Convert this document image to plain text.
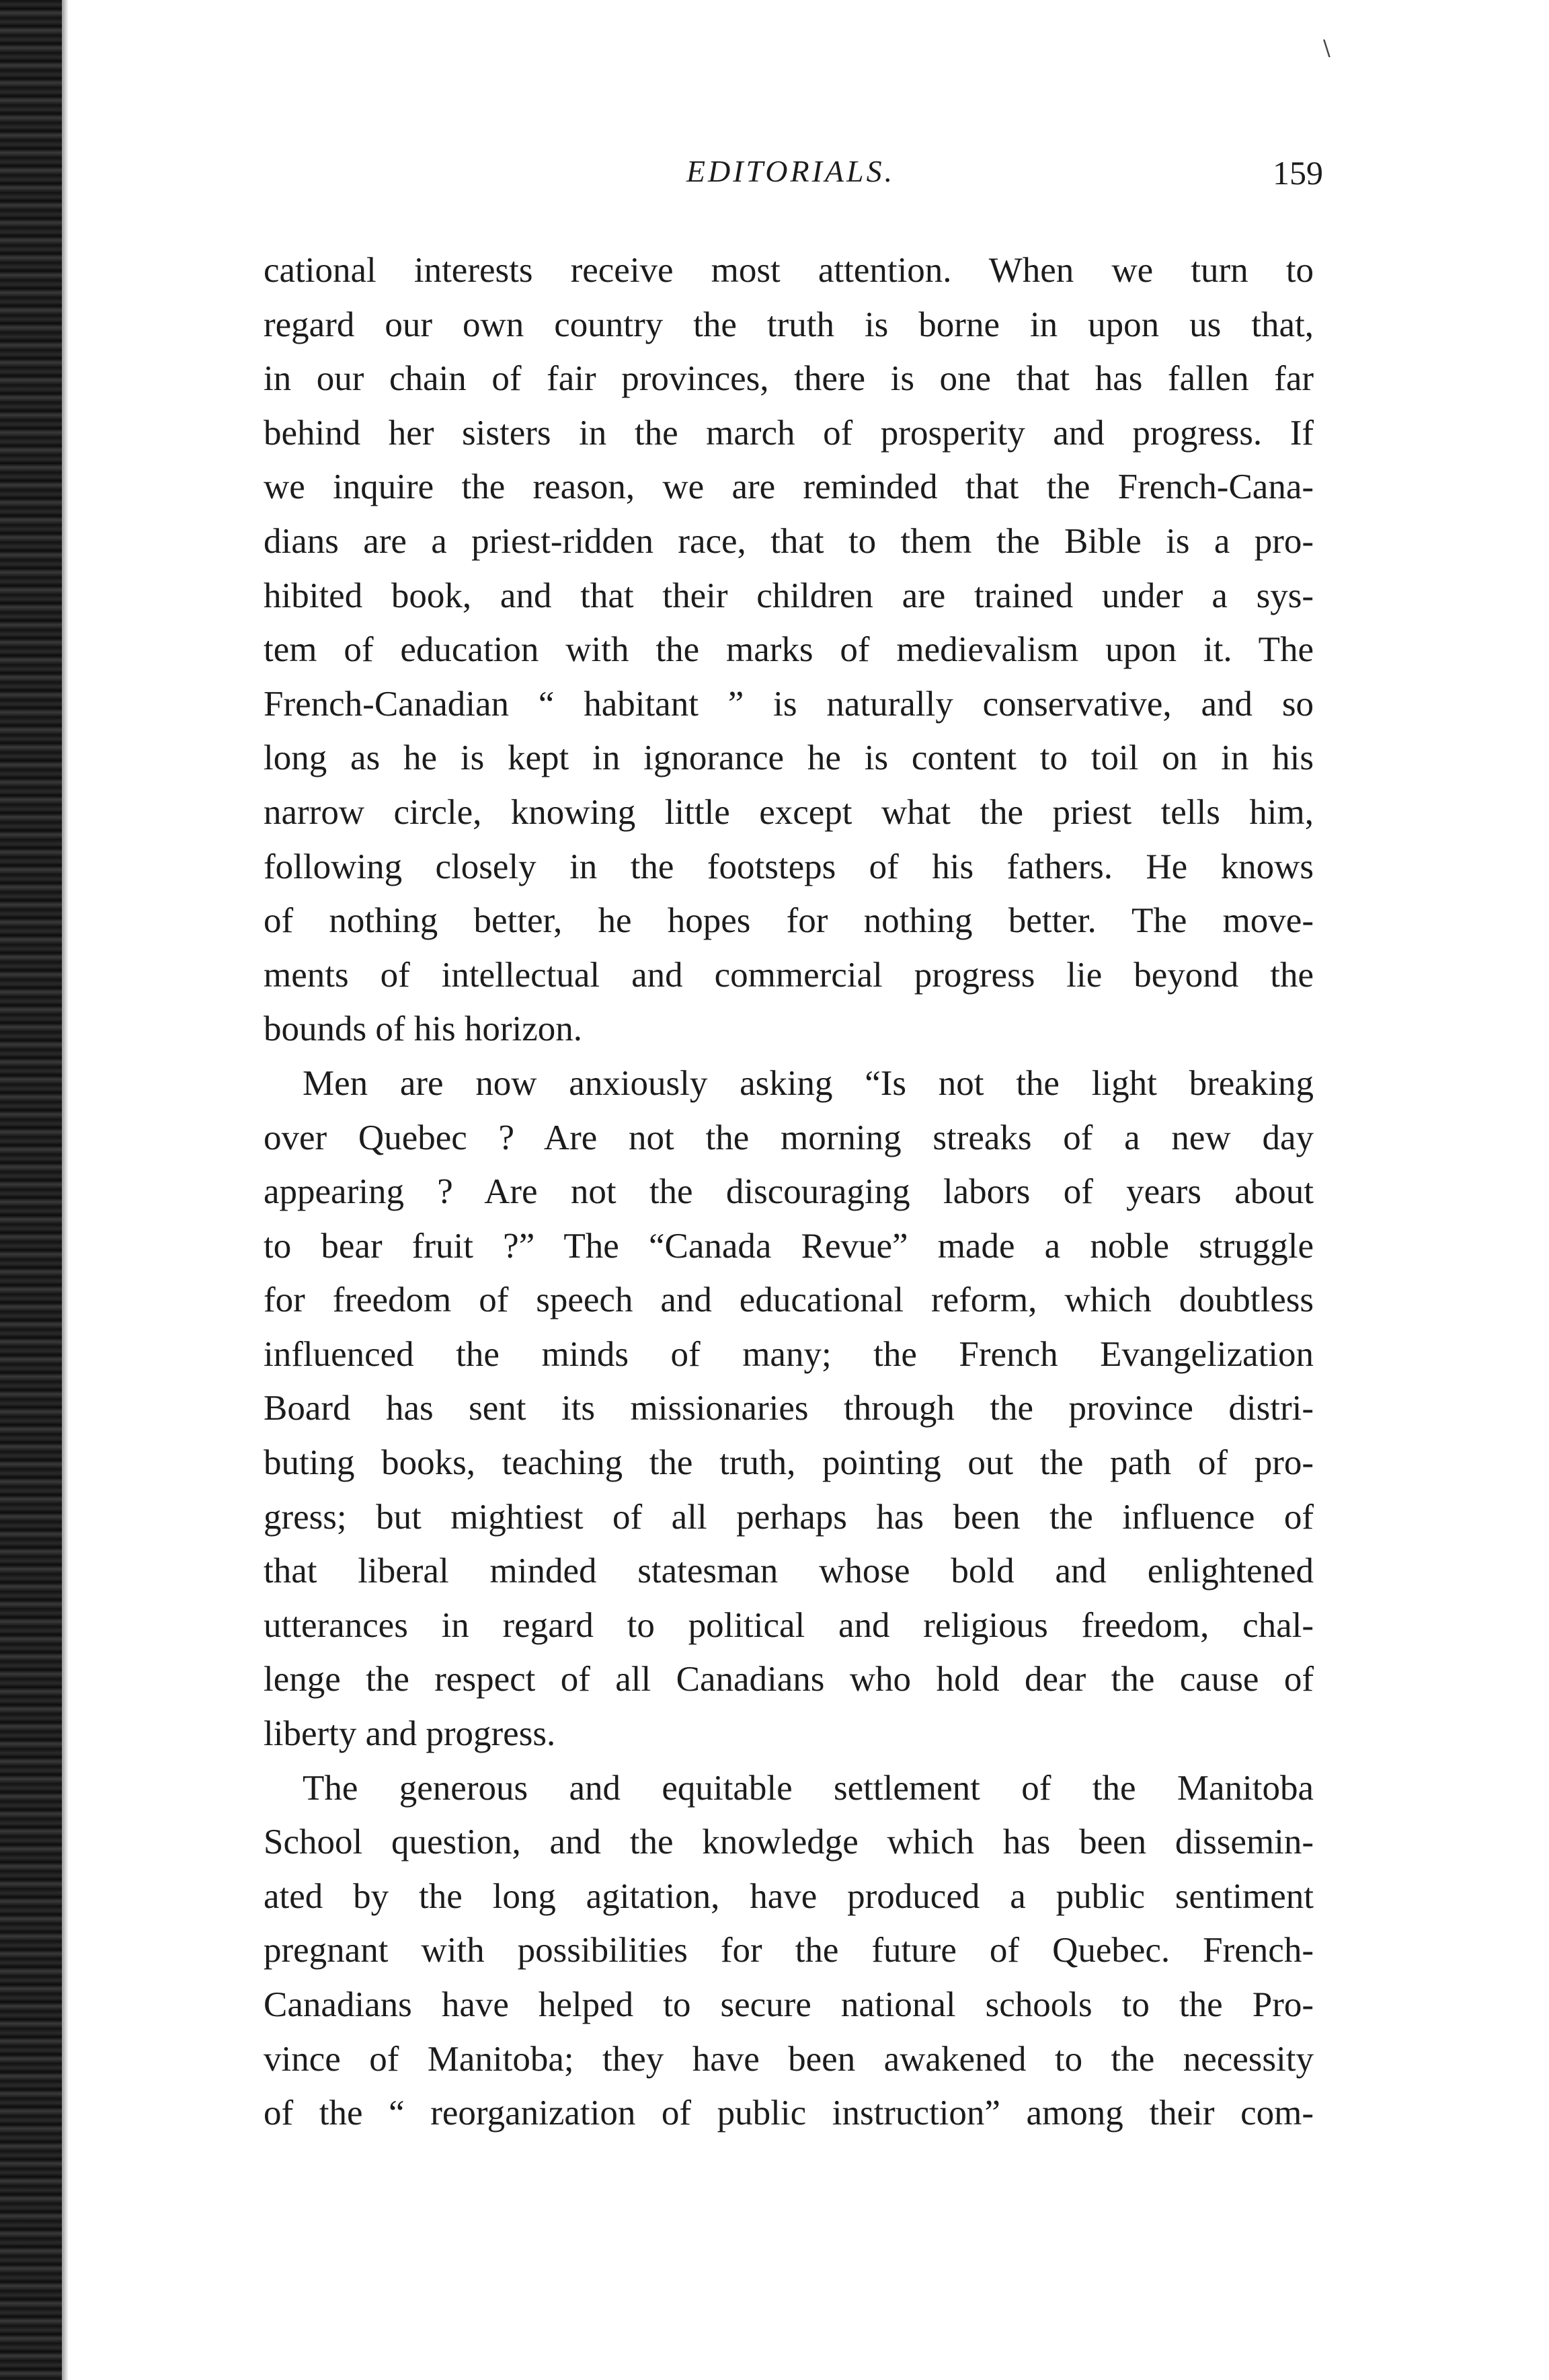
\
EDITORIALS.	159
cational interests receive most attention. When we turn to
regard our own country the truth is borne in upon us that,
in our chain of fair provinces, there is one that has fallen far
behind her sisters in the march of prosperity and progress. If
we inquire the reason, we are reminded that the French-Cana-
dians are a priest-ridden race, that to them the Bible is a pro-
hibited book, and that their children are trained under a sys-
tem of education with the marks of medievalism upon it. The
French-Canadian “ habitant ” is naturally conservative, and so
long as he is kept in ignorance he is content to toil on in his
narrow circle, knowing little except what the priest tells him,
following closely in the footsteps of his fathers. He knows
of nothing better, he hopes for nothing better. The move-
ments of intellectual and commercial progress lie beyond the
bounds of his horizon.
Men are now anxiously asking “Is not the light breaking
over Quebec ? Are not the morning streaks of a new day
appearing ? Are not the discouraging labors of years about
to bear fruit ?” The “Canada Revue” made a noble struggle
for freedom of speech and educational reform, which doubtless
influenced the minds of many; the French Evangelization
Board has sent its missionaries through the province distri-
buting books, teaching the truth, pointing out the path of pro-
gress; but mightiest of all perhaps has been the influence of
that liberal minded statesman whose bold and enlightened
utterances in regard to political and religious freedom, chal-
lenge the respect of all Canadians who hold dear the cause of
liberty and progress.
The generous and equitable settlement of the Manitoba
School question, and the knowledge which has been dissemin-
ated by the long agitation, have produced a public sentiment
pregnant with possibilities for the future of Quebec. French-
Canadians have helped to secure national schools to the Pro-
vince of Manitoba; they have been awakened to the necessity
of the “ reorganization of public instruction” among their com-
